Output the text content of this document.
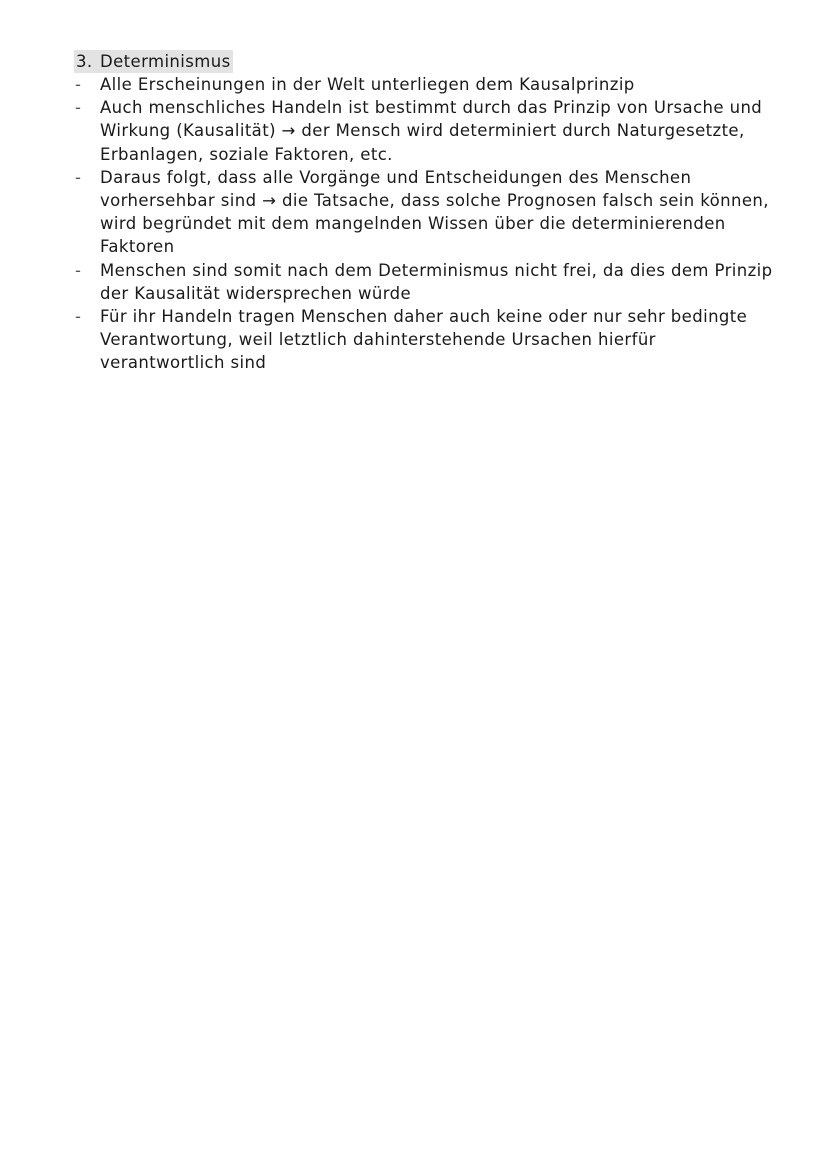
3. Determinismus
- Alle Erscheinungen in der Welt unterliegen dem Kausalprinzip
- Auch menschliches Handeln ist bestimmt durch das Prinzip von Ursache und Wirkung (Kausalität) → der Mensch wird determiniert durch Naturgesetzte, Erbanlagen, soziale Faktoren, etc.
- Daraus folgt, dass alle Vorgänge und Entscheidungen des Menschen vorhersehbar sind → die Tatsache, dass solche Prognosen falsch sein können, wird begründet mit dem mangelnden Wissen über die determinierenden Faktoren
- Menschen sind somit nach dem Determinismus nicht frei, da dies dem Prinzip der Kausalität widersprechen würde
- Für ihr Handeln tragen Menschen daher auch keine oder nur sehr bedingte Verantwortung, weil letztlich dahinterstehende Ursachen hierfür verantwortlich sind
